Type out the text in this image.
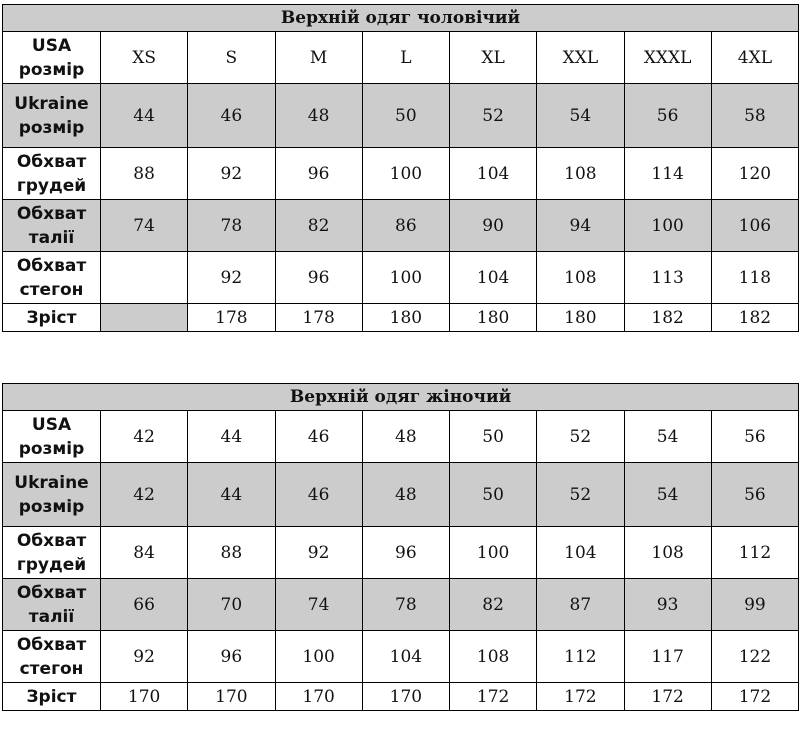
Верхній одяг чоловічий								

USA
розмір	XS	S	M	L	XL	XXL	XXXL	4XL

Ukraine
розмір	44	46	48	50	52	54	56	58

Обхват
грудей	88	92	96	100	104	108	114	120

Обхват
талії	74	78	82	86	90	94	100	106

Обхват
стегон		92	96	100	104	108	113	118

Зріст		178	178	180	180	180	182	182
Верхній одяг жіночий								

USA
розмір	42	44	46	48	50	52	54	56

Ukraine
розмір	42	44	46	48	50	52	54	56

Обхват
грудей	84	88	92	96	100	104	108	112

Обхват
талії	66	70	74	78	82	87	93	99

Обхват
стегон	92	96	100	104	108	112	117	122

Зріст	170	170	170	170	172	172	172	172
